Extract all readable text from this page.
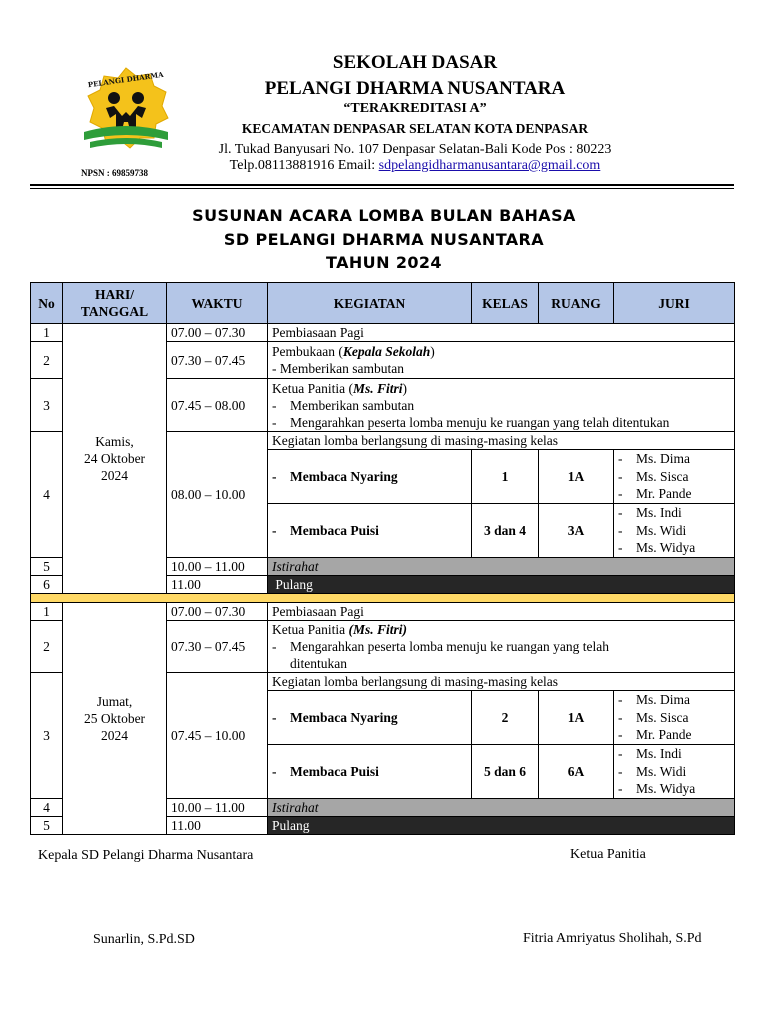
PELANGI DHARMA
NPSN : 69859738
SEKOLAH DASAR
PELANGI DHARMA NUSANTARA
“TERAKREDITASI A”
KECAMATAN DENPASAR SELATAN KOTA DENPASAR
Jl. Tukad Banyusari No. 107 Denpasar Selatan-Bali Kode Pos : 80223
Telp.08113881916 Email: sdpelangidharmanusantara@gmail.com
SUSUNAN ACARA LOMBA BULAN BAHASA
SD PELANGI DHARMA NUSANTARA
TAHUN 2024
No	HARI/ TANGGAL	WAKTU	KEGIATAN	KELAS	RUANG	JURI
1	Kamis,
24 Oktober
2024	07.00 – 07.30	Pembiasaan Pagi			
2		07.30 – 07.45	Pembukaan (Kepala Sekolah)
- Memberikan sambutan			

3		07.45 – 08.00	Ketua Panitia (Ms. Fitri)
- Memberikan sambutan
- Mengarahkan peserta lomba menuju ke ruangan yang telah ditentukan			

4		08.00 – 10.00	Kegiatan lomba berlangsung di masing-masing kelas			
			- Membaca Nyaring	1	1A	- Ms. Dima
- Ms. Sisca
- Mr. Pande

			- Membaca Puisi	3 dan 4	3A	- Ms. Indi
- Ms. Widi
- Ms. Widya

5		10.00 – 11.00	Istirahat			
6		11.00	Pulang			

1	Jumat,
25 Oktober
2024	07.00 – 07.30	Pembiasaan Pagi			
2		07.30 – 07.45	Ketua Panitia (Ms. Fitri)
- Mengarahkan peserta lomba menuju ke ruangan yang telah
ditentukan			

3		07.45 – 10.00	Kegiatan lomba berlangsung di masing-masing kelas			
			- Membaca Nyaring	2	1A	- Ms. Dima
- Ms. Sisca
- Mr. Pande

			- Membaca Puisi	5 dan 6	6A	- Ms. Indi
- Ms. Widi
- Ms. Widya

4		10.00 – 11.00	Istirahat			
5		11.00	Pulang			
Kepala SD Pelangi Dharma Nusantara	Ketua Panitia
Sunarlin, S.Pd.SD	Fitria Amriyatus Sholihah, S.Pd
